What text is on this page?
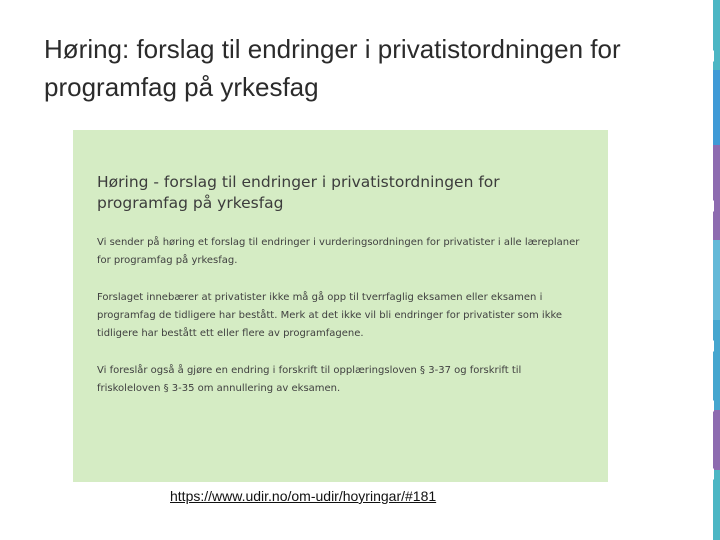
Høring: forslag til endringer i privatistordningen for programfag på yrkesfag
Høring - forslag til endringer i privatistordningen for programfag på yrkesfag

Vi sender på høring et forslag til endringer i vurderingsordningen for privatister i alle læreplaner for programfag på yrkesfag.

Forslaget innebærer at privatister ikke må gå opp til tverrfaglig eksamen eller eksamen i programfag de tidligere har bestått. Merk at det ikke vil bli endringer for privatister som ikke tidligere har bestått ett eller flere av programfagene.

Vi foreslår også å gjøre en endring i forskrift til opplæringsloven § 3-37 og forskrift til friskoleloven § 3-35 om annullering av eksamen.

https://www.udir.no/om-udir/hoyringar/#181
